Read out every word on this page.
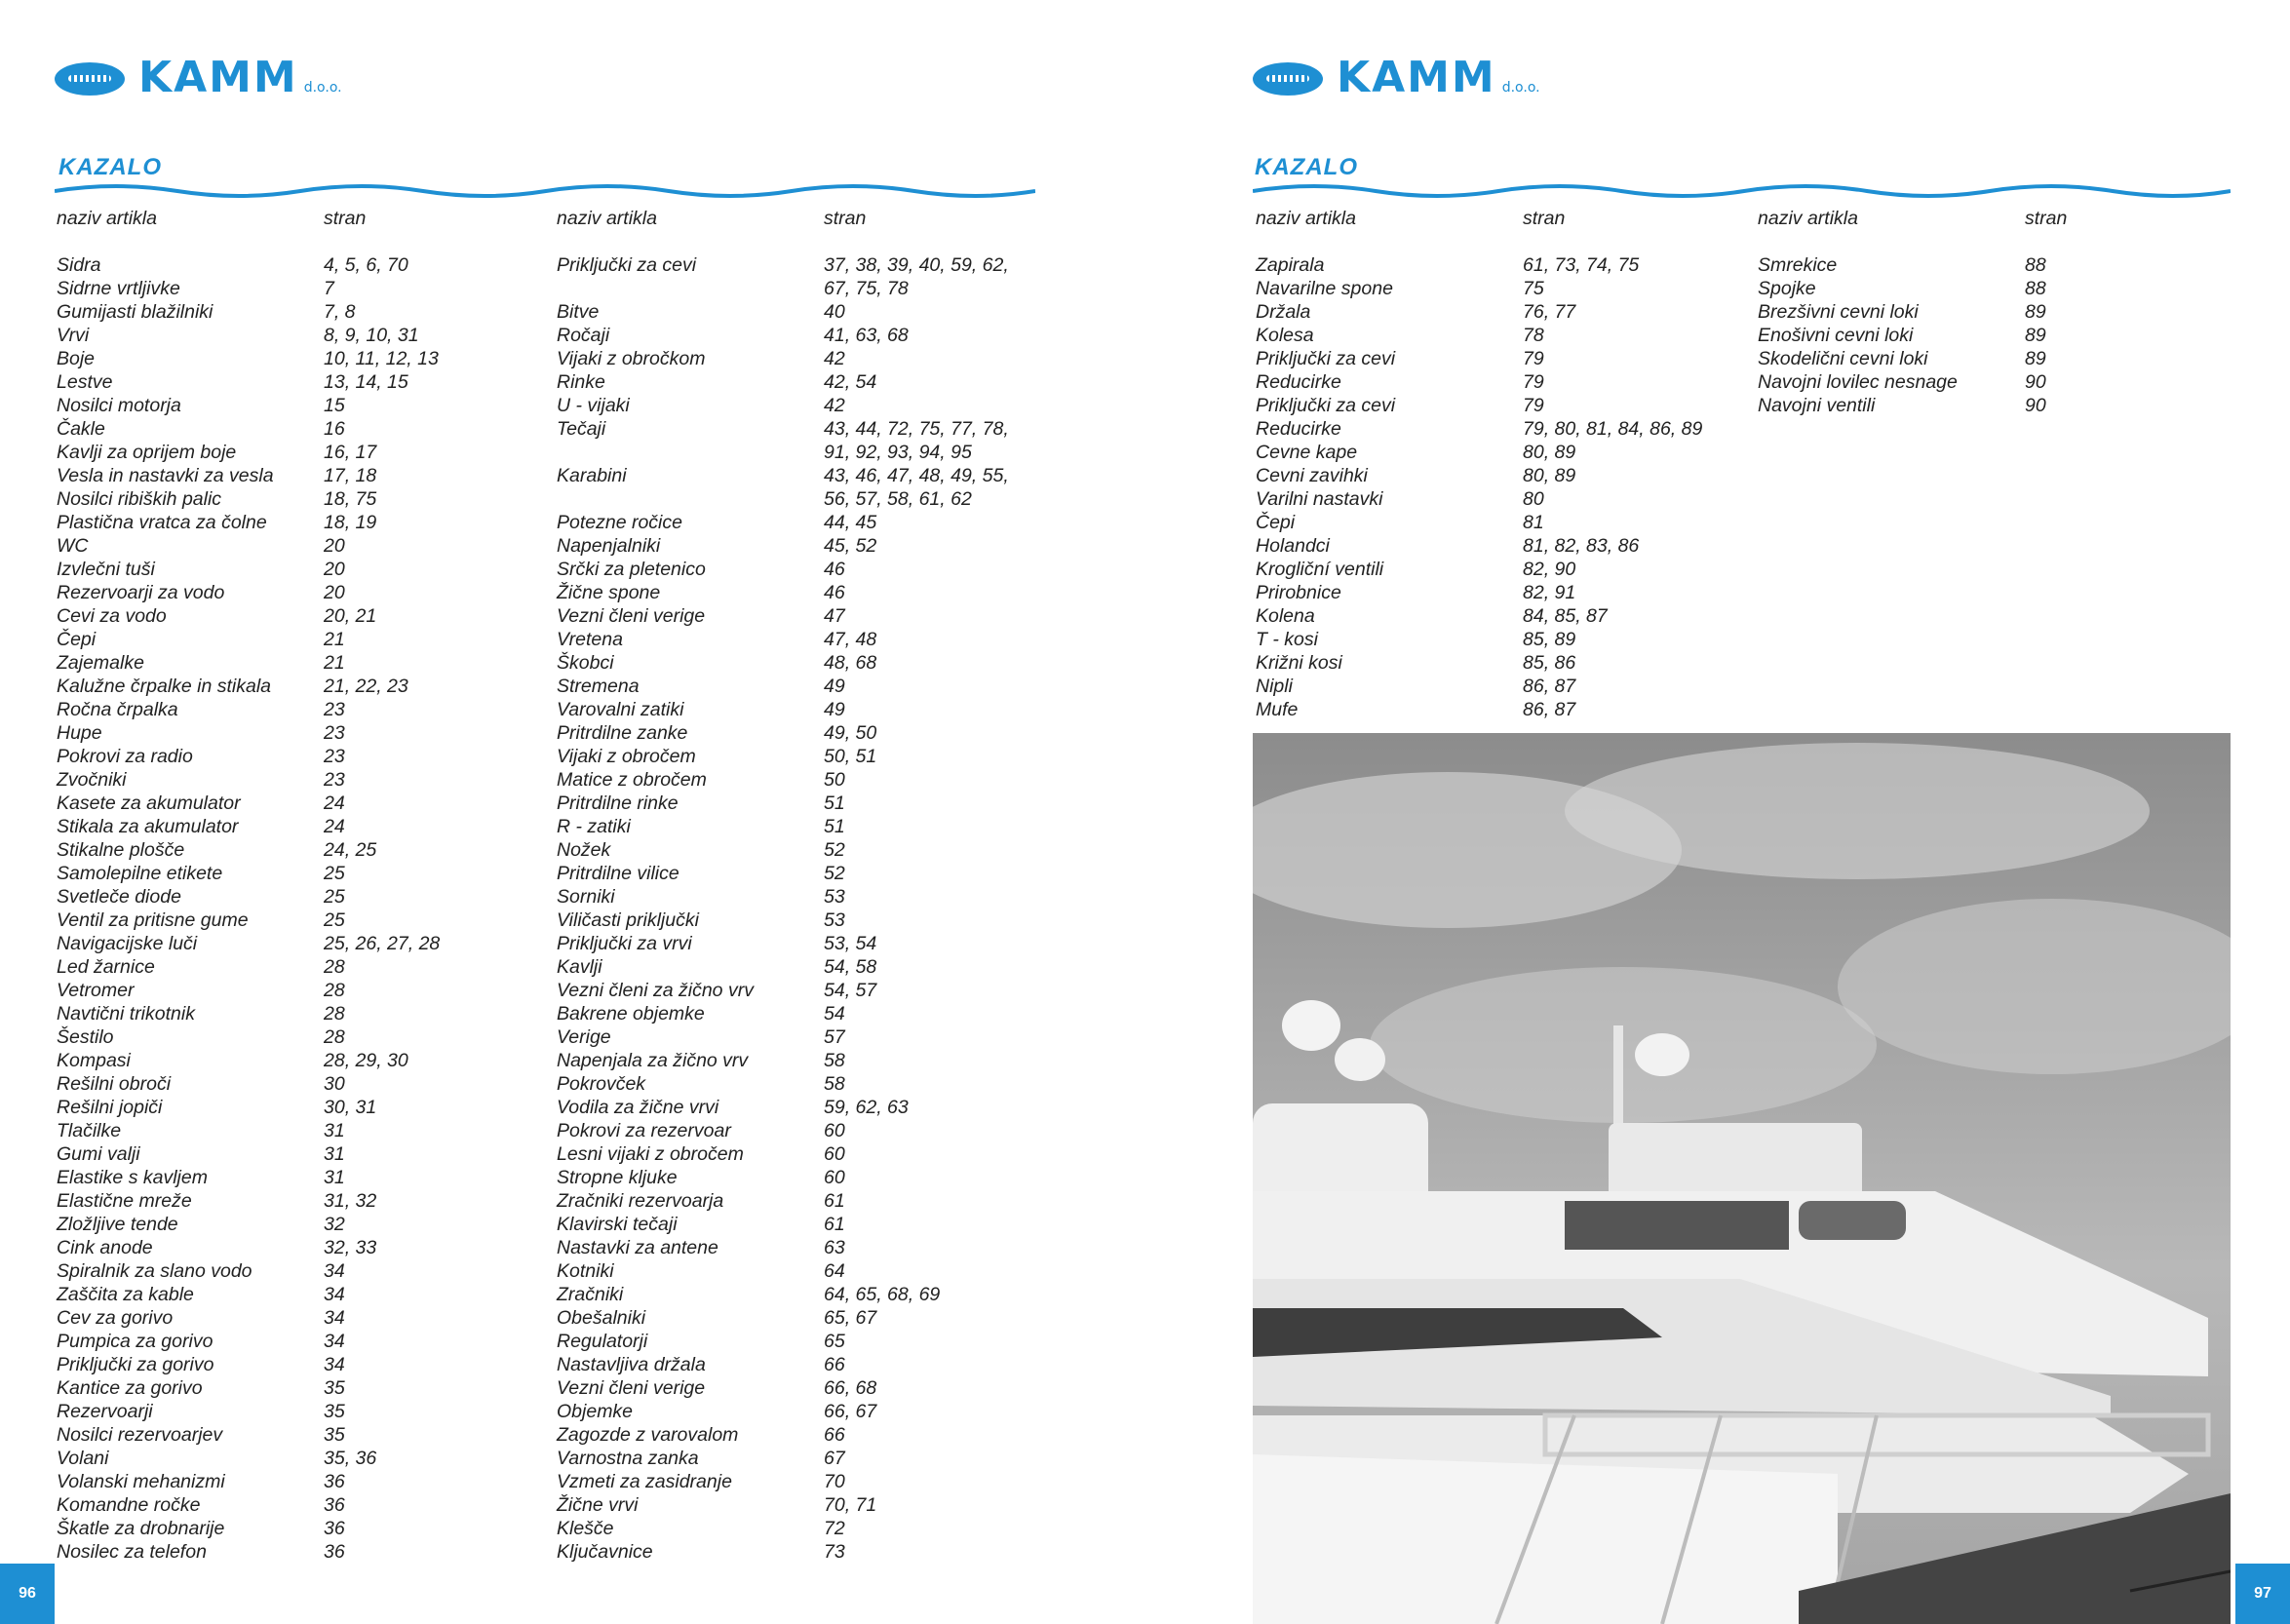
KAMM d.o.o.
KAZALO
naziv artikla	stran
Sidra	4, 5, 6, 70
Sidrne vrtljivke	7
Gumijasti blažilniki	7, 8
Vrvi	8, 9, 10, 31
Boje	10, 11, 12, 13
Lestve	13, 14, 15
Nosilci motorja	15
Čakle	16
Kavlji za oprijem boje	16, 17
Vesla in nastavki za vesla	17, 18
Nosilci ribiških palic	18, 75
Plastična vratca za čolne	18, 19
WC	20
Izvlečni tuši	20
Rezervoarji za vodo	20
Cevi za vodo	20, 21
Čepi	21
Zajemalke	21
Kalužne črpalke in stikala	21, 22, 23
Ročna črpalka	23
Hupe	23
Pokrovi za radio	23
Zvočniki	23
Kasete za akumulator	24
Stikala za akumulator	24
Stikalne plošče	24, 25
Samolepilne etikete	25
Svetleče diode	25
Ventil za pritisne gume	25
Navigacijske luči	25, 26, 27, 28
Led žarnice	28
Vetromer	28
Navtični trikotnik	28
Šestilo	28
Kompasi	28, 29, 30
Rešilni obroči	30
Rešilni jopiči	30, 31
Tlačilke	31
Gumi valji	31
Elastike s kavljem	31
Elastične mreže	31, 32
Zložljive tende	32
Cink anode	32, 33
Spiralnik za slano vodo	34
Zaščita za kable	34
Cev za gorivo	34
Pumpica za gorivo	34
Priključki za gorivo	34
Kantice za gorivo	35
Rezervoarji	35
Nosilci rezervoarjev	35
Volani	35, 36
Volanski mehanizmi	36
Komandne ročke	36
Škatle za drobnarije	36
Nosilec za telefon	36
naziv artikla	stran
Priključki za cevi	37, 38, 39, 40, 59, 62,
67, 75, 78
Bitve	40
Ročaji	41, 63, 68
Vijaki z obročkom	42
Rinke	42, 54
U - vijaki	42
Tečaji	43, 44, 72, 75, 77, 78,
91, 92, 93, 94, 95
Karabini	43, 46, 47, 48, 49, 55,
56, 57, 58, 61, 62
Potezne ročice	44, 45
Napenjalniki	45, 52
Srčki za pletenico	46
Žične spone	46
Vezni členi verige	47
Vretena	47, 48
Škobci	48, 68
Stremena	49
Varovalni zatiki	49
Pritrdilne zanke	49, 50
Vijaki z obročem	50, 51
Matice z obročem	50
Pritrdilne rinke	51
R - zatiki	51
Nožek	52
Pritrdilne vilice	52
Sorniki	53
Viličasti priključki	53
Priključki za vrvi	53, 54
Kavlji	54, 58
Vezni členi za žično vrv	54, 57
Bakrene objemke	54
Verige	57
Napenjala za žično vrv	58
Pokrovček	58
Vodila za žične vrvi	59, 62, 63
Pokrovi za rezervoar	60
Lesni vijaki z obročem	60
Stropne kljuke	60
Zračniki rezervoarja	61
Klavirski tečaji	61
Nastavki za antene	63
Kotniki	64
Zračniki	64, 65, 68, 69
Obešalniki	65, 67
Regulatorji	65
Nastavljiva držala	66
Vezni členi verige	66, 68
Objemke	66, 67
Zagozde z varovalom	66
Varnostna zanka	67
Vzmeti za zasidranje	70
Žične vrvi	70, 71
Klešče	72
Ključavnice	73
96
KAMM d.o.o.
KAZALO
naziv artikla	stran
Zapirala	61, 73, 74, 75
Navarilne spone	75
Držala	76, 77
Kolesa	78
Priključki za cevi	79
Reducirke	79
Priključki za cevi	79
Reducirke	79, 80, 81, 84, 86, 89
Cevne kape	80, 89
Cevni zavihki	80, 89
Varilni nastavki	80
Čepi	81
Holandci	81, 82, 83, 86
Krogliční ventili	82, 90
Prirobnice	82, 91
Kolena	84, 85, 87
T - kosi	85, 89
Križni kosi	85, 86
Nipli	86, 87
Mufe	86, 87
naziv artikla	stran
Smrekice	88
Spojke	88
Brezšivni cevni loki	89
Enošivni cevni loki	89
Skodelični cevni loki	89
Navojni lovilec nesnage	90
Navojni ventili	90
97
